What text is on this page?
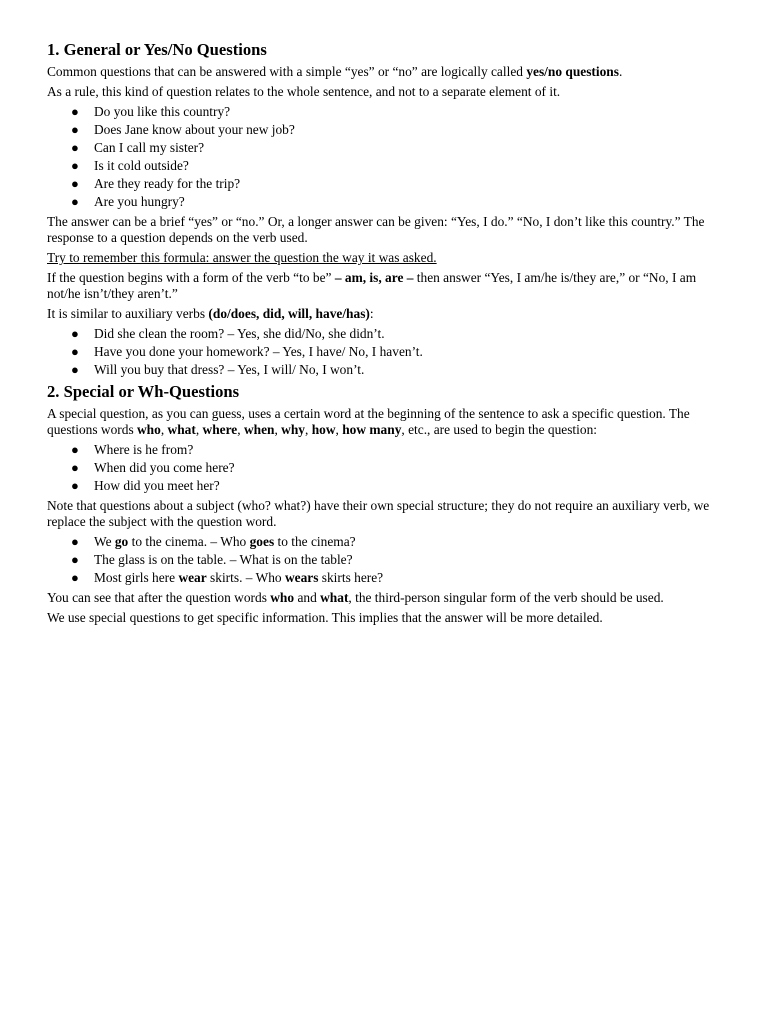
1. General or Yes/No Questions

Common questions that can be answered with a simple “yes” or “no” are logically called yes/no questions.

As a rule, this kind of question relates to the whole sentence, and not to a separate element of it.

● Do you like this country?
● Does Jane know about your new job?
● Can I call my sister?
● Is it cold outside?
● Are they ready for the trip?
● Are you hungry?

The answer can be a brief “yes” or “no.” Or, a longer answer can be given: “Yes, I do.” “No, I don’t like this country.” The response to a question depends on the verb used.

Try to remember this formula: answer the question the way it was asked.

If the question begins with a form of the verb “to be” – am, is, are – then answer “Yes, I am/he is/they are,” or “No, I am not/he isn’t/they aren’t.”

It is similar to auxiliary verbs (do/does, did, will, have/has):

● Did she clean the room? – Yes, she did/No, she didn’t.
● Have you done your homework? – Yes, I have/ No, I haven’t.
● Will you buy that dress? – Yes, I will/ No, I won’t.
2. Special or Wh-Questions

A special question, as you can guess, uses a certain word at the beginning of the sentence to ask a specific question. The questions words who, what, where, when, why, how, how many, etc., are used to begin the question:

● Where is he from?
● When did you come here?
● How did you meet her?

Note that questions about a subject (who? what?) have their own special structure; they do not require an auxiliary verb, we replace the subject with the question word.

● We go to the cinema. – Who goes to the cinema?
● The glass is on the table. – What is on the table?
● Most girls here wear skirts. – Who wears skirts here?

You can see that after the question words who and what, the third-person singular form of the verb should be used.

We use special questions to get specific information. This implies that the answer will be more detailed.
